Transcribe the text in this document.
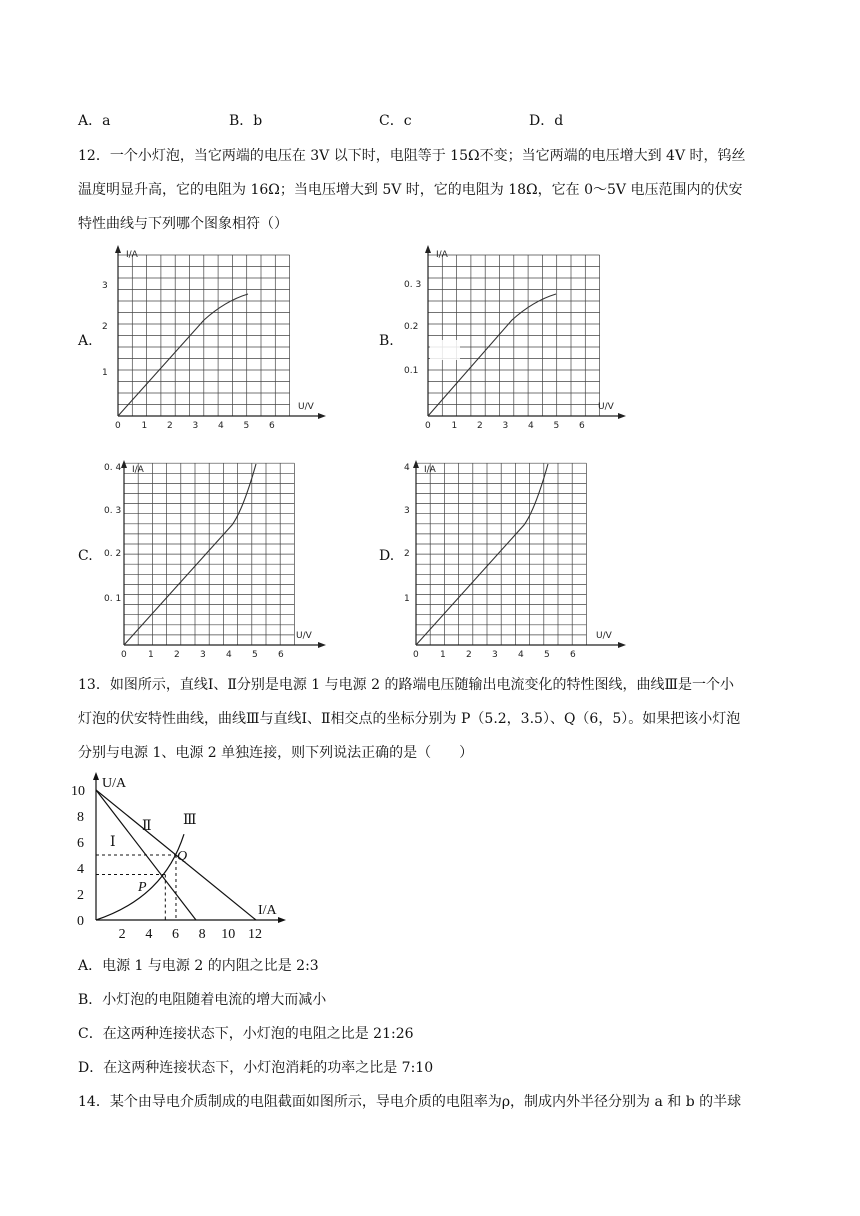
A．a	B．b	C．c	D．d
12．一个小灯泡，当它两端的电压在 3V 以下时，电阻等于 15Ω不变；当它两端的电压增大到 4V 时，钨丝
温度明显升高，它的电阻为 16Ω；当电压增大到 5V 时，它的电阻为 18Ω，它在 0～5V 电压范围内的伏安
特性曲线与下列哪个图象相符（）
A.	B.
C.	D.
I/A
U/V
3
2
1
0 1 2 3 4 5 6
I/A
U/V
0. 3
0.2
0.1
0 1 2 3 4 5 6
I/A
U/V
0. 4
0. 3
0. 2
0. 1
0 1 2 3 4 5 6
I/A
U/V
4
3
2
1
0 1 2 3 4 5 6
13．如图所示，直线Ⅰ、Ⅱ分别是电源 1 与电源 2 的路端电压随输出电流变化的特性图线，曲线Ⅲ是一个小
灯泡的伏安特性曲线，曲线Ⅲ与直线Ⅰ、Ⅱ相交点的坐标分别为 P（5.2，3.5）、Q（6，5）。如果把该小灯泡
分别与电源 1、电源 2 单独连接，则下列说法正确的是（　　）
U/A
I/A
10
8
6
4
2
0
2 4 6 8 10 12
Ⅰ
Ⅱ Ⅲ
P
Q
A．电源 1 与电源 2 的内阻之比是 2:3
B．小灯泡的电阻随着电流的增大而减小
C．在这两种连接状态下，小灯泡的电阻之比是 21:26
D．在这两种连接状态下，小灯泡消耗的功率之比是 7:10
14．某个由导电介质制成的电阻截面如图所示，导电介质的电阻率为ρ，制成内外半径分别为 a 和 b 的半球
